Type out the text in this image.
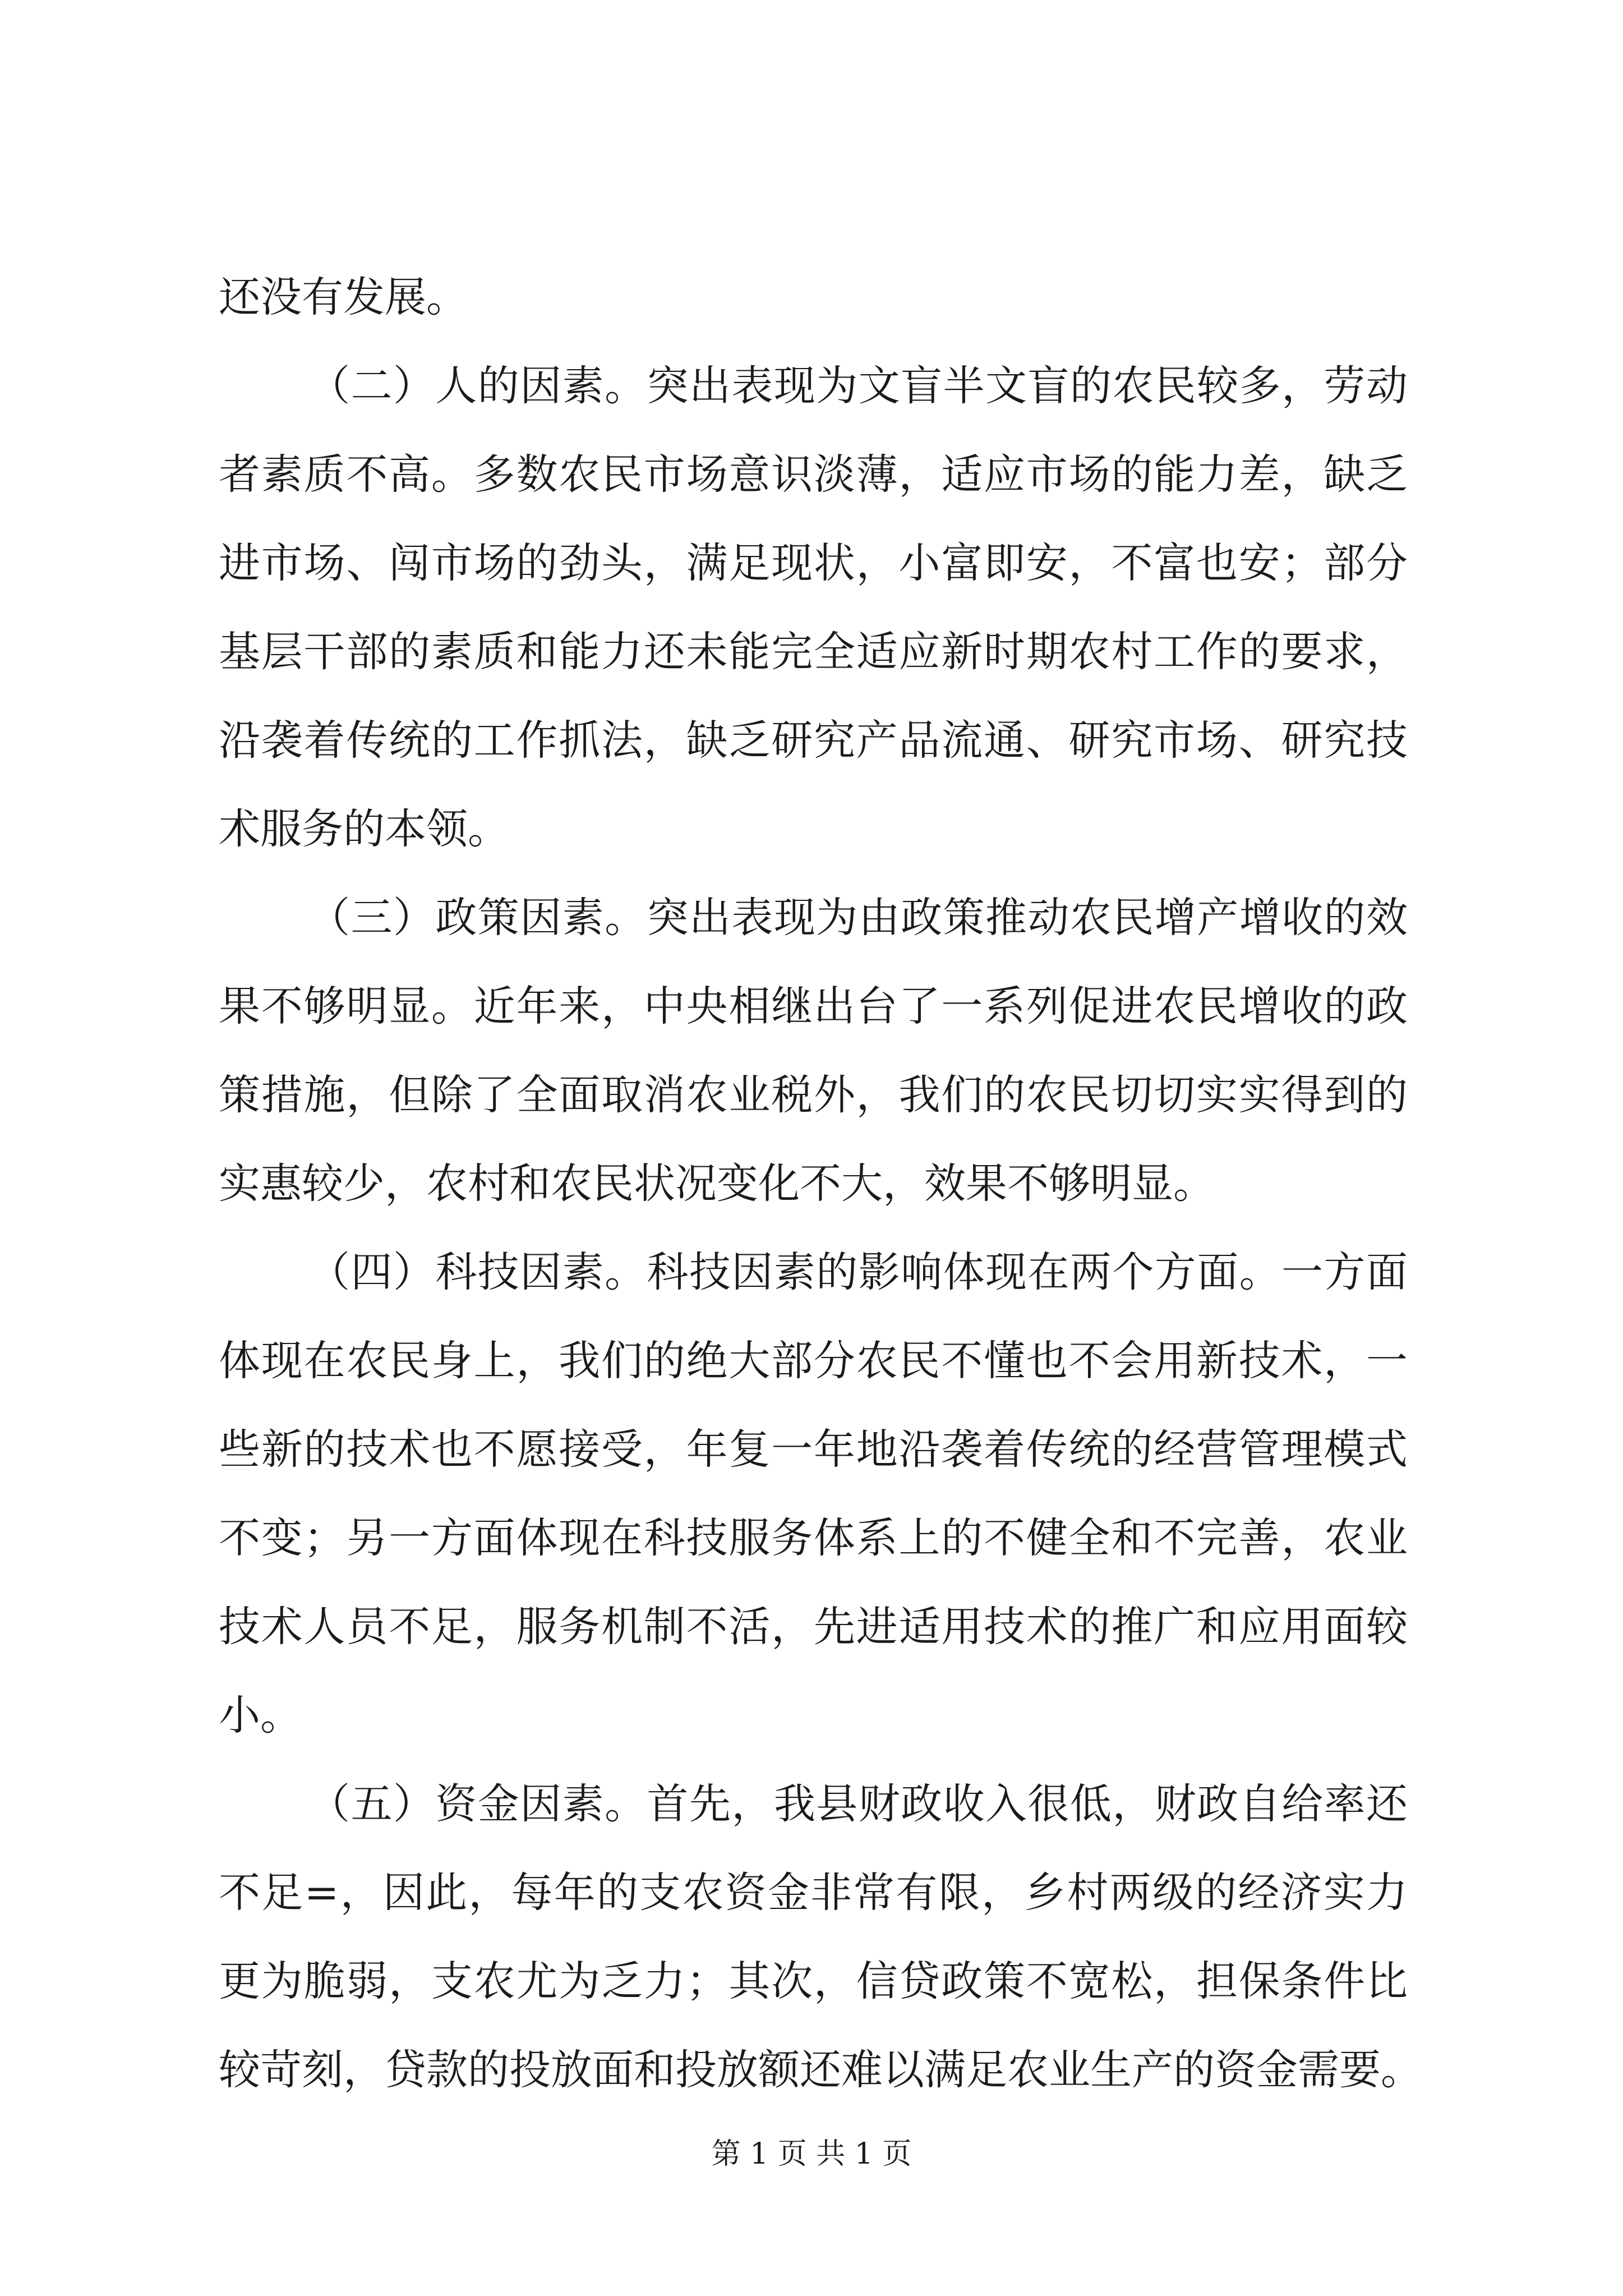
还没有发展。
（二）人的因素。突出表现为文盲半文盲的农民较多，劳动
者素质不高。多数农民市场意识淡薄，适应市场的能力差，缺乏
进市场、闯市场的劲头，满足现状，小富即安，不富也安；部分
基层干部的素质和能力还未能完全适应新时期农村工作的要求，
沿袭着传统的工作抓法，缺乏研究产品流通、研究市场、研究技
术服务的本领。
（三）政策因素。突出表现为由政策推动农民增产增收的效
果不够明显。近年来，中央相继出台了一系列促进农民增收的政
策措施，但除了全面取消农业税外，我们的农民切切实实得到的
实惠较少，农村和农民状况变化不大，效果不够明显。
（四）科技因素。科技因素的影响体现在两个方面。一方面
体现在农民身上，我们的绝大部分农民不懂也不会用新技术，一
些新的技术也不愿接受，年复一年地沿袭着传统的经营管理模式
不变；另一方面体现在科技服务体系上的不健全和不完善，农业
技术人员不足，服务机制不活，先进适用技术的推广和应用面较
小。
（五）资金因素。首先，我县财政收入很低，财政自给率还
不足=，因此，每年的支农资金非常有限，乡村两级的经济实力
第 1 页 共 1 页
更为脆弱，支农尤为乏力；其次，信贷政策不宽松，担保条件比
较苛刻，贷款的投放面和投放额还难以满足农业生产的资金需要。
